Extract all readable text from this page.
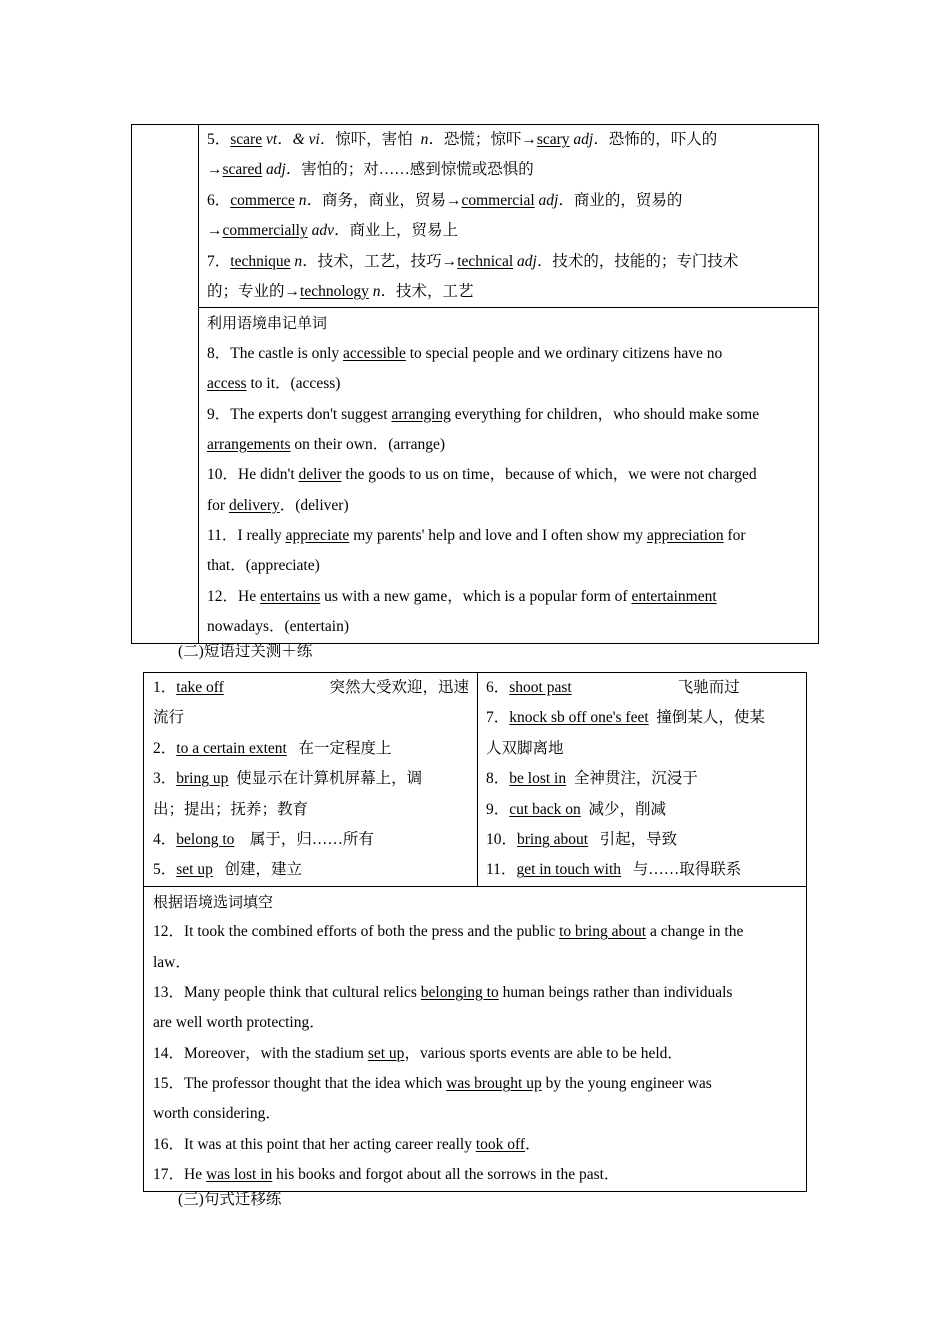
5．scare vt．& vi．惊吓，害怕 n．恐慌；惊吓→scary adj．恐怖的，吓人的
→scared adj．害怕的；对……感到惊慌或恐惧的
6．commerce n．商务，商业，贸易→commercial adj．商业的，贸易的
→commercially adv．商业上，贸易上
7．technique n．技术，工艺，技巧→technical adj．技术的，技能的；专门技术
的；专业的→technology n．技术，工艺

利用语境串记单词
8．The castle is only accessible to special people and we ordinary citizens have no
access to it．(access)
9．The experts don't suggest arranging everything for children，who should make some
arrangements on their own．(arrange)
10．He didn't deliver the goods to us on time，because of which，we were not charged
for delivery．(deliver)
11．I really appreciate my parents' help and love and I often show my appreciation for
that．(appreciate)
12．He entertains us with a new game，which is a popular form of entertainment
nowadays．(entertain)
(二)短语过关测＋练
1．take off	突然大受欢迎，迅速
流行
2．to a certain extent 在一定程度上
3．bring up 使显示在计算机屏幕上，调
出；提出；抚养；教育
4．belong to 属于，归……所有
5．set up 创建，建立

6．shoot past	飞驰而过
7．knock sb off one's feet 撞倒某人，使某
人双脚离地
8．be lost in 全神贯注，沉浸于
9．cut back on 减少，削减
10．bring about 引起，导致
11．get in touch with 与……取得联系

根据语境选词填空
12．It took the combined efforts of both the press and the public to bring about a change in the
law．
13．Many people think that cultural relics belonging to human beings rather than individuals
are well worth protecting．
14．Moreover，with the stadium set up，various sports events are able to be held．
15．The professor thought that the idea which was brought up by the young engineer was
worth considering．
16．It was at this point that her acting career really took off．
17．He was lost in his books and forgot about all the sorrows in the past．
(三)句式迁移练
